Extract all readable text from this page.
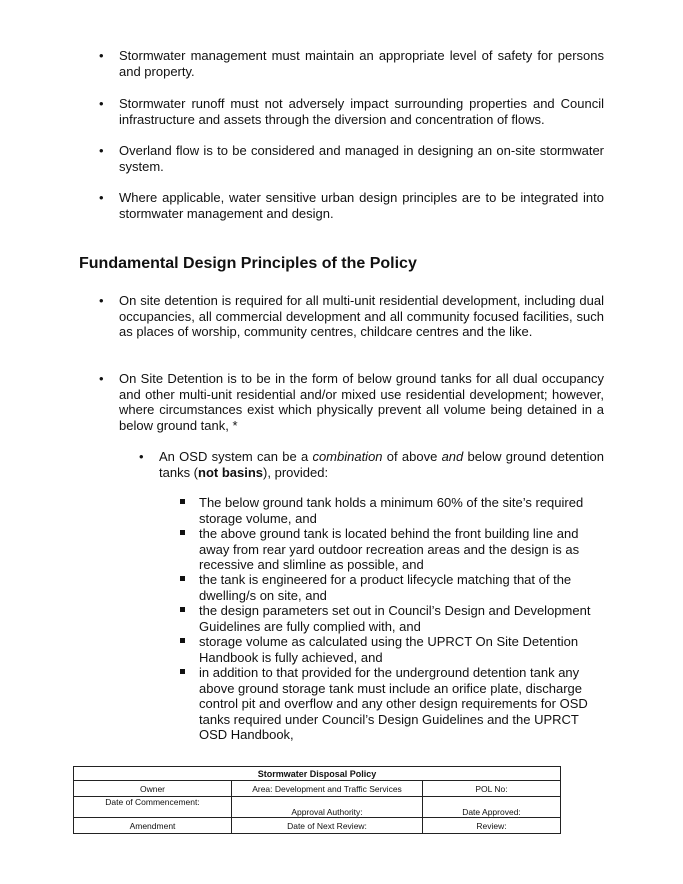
• Stormwater management must maintain an appropriate level of safety for persons and property.
• Stormwater runoff must not adversely impact surrounding properties and Council infrastructure and assets through the diversion and concentration of flows.
• Overland flow is to be considered and managed in designing an on-site stormwater system.
• Where applicable, water sensitive urban design principles are to be integrated into stormwater management and design.
Fundamental Design Principles of the Policy
• On site detention is required for all multi-unit residential development, including dual occupancies, all commercial development and all community focused facilities, such as places of worship, community centres, childcare centres and the like.
• On Site Detention is to be in the form of below ground tanks for all dual occupancy and other multi-unit residential and/or mixed use residential development; however, where circumstances exist which physically prevent all volume being detained in a below ground tank, *
• An OSD system can be a combination of above and below ground detention tanks (not basins), provided:
The below ground tank holds a minimum 60% of the site’s required storage volume, and
the above ground tank is located behind the front building line and away from rear yard outdoor recreation areas and the design is as recessive and slimline as possible, and
the tank is engineered for a product lifecycle matching that of the dwelling/s on site, and
the design parameters set out in Council’s Design and Development Guidelines are fully complied with, and
storage volume as calculated using the UPRCT On Site Detention Handbook is fully achieved, and
in addition to that provided for the underground detention tank any above ground storage tank must include an orifice plate, discharge control pit and overflow and any other design requirements for OSD tanks required under Council’s Design Guidelines and the UPRCT OSD Handbook,
Stormwater Disposal Policy		
Owner	Area: Development and Traffic Services	POL No:
Date of Commencement:	Approval Authority:	Date Approved:
Amendment	Date of Next Review:	Review:
